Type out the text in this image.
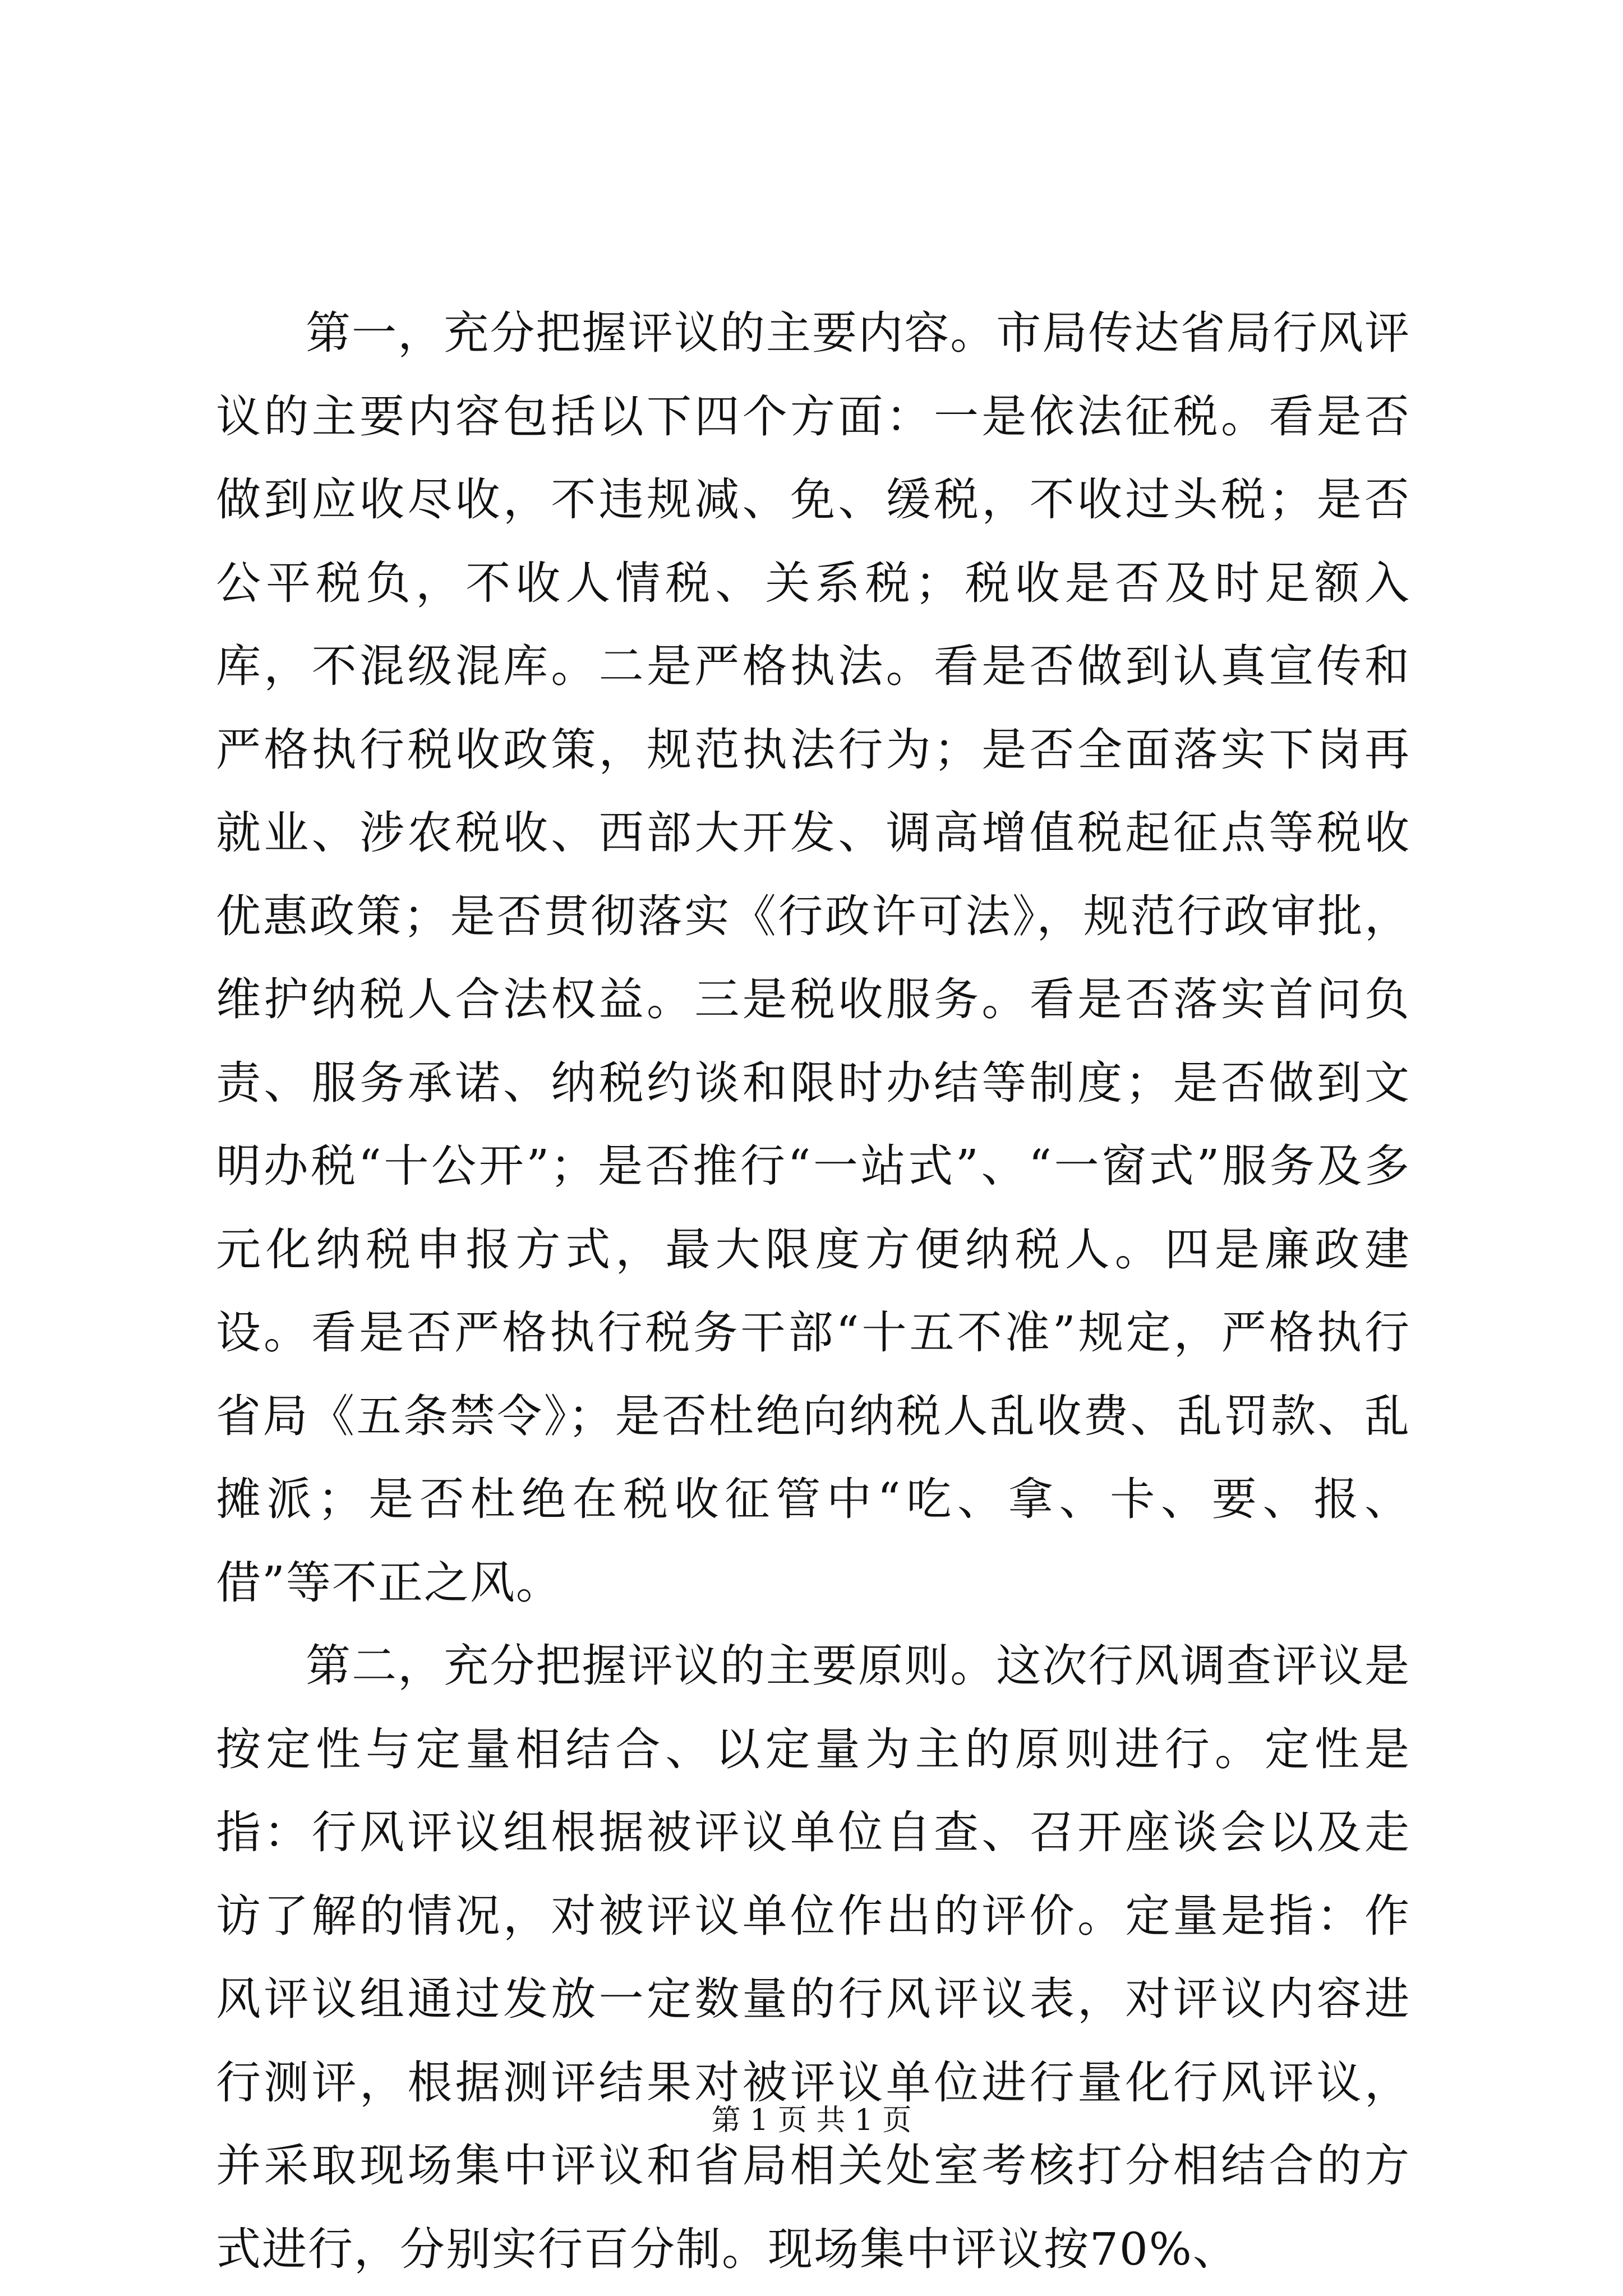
第一，充分把握评议的主要内容。市局传达省局行风评议的主要内容包括以下四个方面：一是依法征税。看是否做到应收尽收，不违规减、免、缓税，不收过头税；是否公平税负，不收人情税、关系税；税收是否及时足额入库，不混级混库。二是严格执法。看是否做到认真宣传和严格执行税收政策，规范执法行为；是否全面落实下岗再就业、涉农税收、西部大开发、调高增值税起征点等税收优惠政策；是否贯彻落实《行政许可法》，规范行政审批，维护纳税人合法权益。三是税收服务。看是否落实首问负责、服务承诺、纳税约谈和限时办结等制度；是否做到文明办税“十公开”；是否推行“一站式”、“一窗式”服务及多元化纳税申报方式，最大限度方便纳税人。四是廉政建设。看是否严格执行税务干部“十五不准”规定，严格执行省局《五条禁令》；是否杜绝向纳税人乱收费、乱罚款、乱摊派；是否杜绝在税收征管中“吃、拿、卡、要、报、借”等不正之风。

第二，充分把握评议的主要原则。这次行风调查评议是按定性与定量相结合、以定量为主的原则进行。定性是指：行风评议组根据被评议单位自查、召开座谈会以及走访了解的情况，对被评议单位作出的评价。定量是指：作风评议组通过发放一定数量的行风评议表，对评议内容进行测评，根据测评结果对被评议单位进行量化行风评议，并采取现场集中评议和省局相关处室考核打分相结合的方式进行，分别实行百分制。现场集中评议按70%、

第 1 页 共 1 页
